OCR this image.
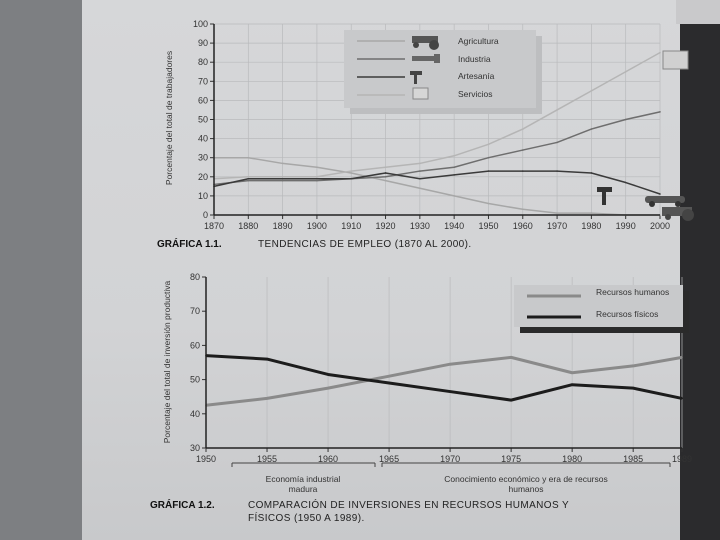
Porcentaje del total de trabajadores
0
10
20
30
40
50
60
70
80
90
100
1870 1880 1890 1900 1910 1920 1930 1940 1950 1960 1970 1980 1990 2000
Agricultura
Industria
Artesanía
Servicios
GRÁFICA 1.1.	TENDENCIAS DE EMPLEO (1870 AL 2000).
Porcentaje del total de inversión productiva
30
40
50
60
70
80
1950	1955	1960	1965	1970	1975	1980	1985	1989
Recursos humanos
Recursos físicos
Economía industrial
madura
Conocimiento económico y era de recursos
humanos
GRÁFICA 1.2.	COMPARACIÓN DE INVERSIONES EN RECURSOS HUMANOS Y
FÍSICOS (1950 A 1989).
